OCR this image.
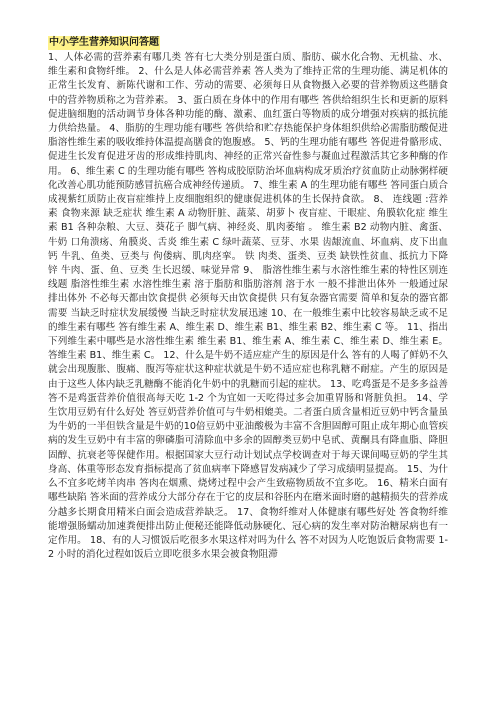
中小学生营养知识问答题

1、人体必需的营养素有哪几类 答有七大类分别是蛋白质、脂肪、碳水化合物、无机盐、水、维生素和食物纤维。 2、什么是人体必需营养素 答人类为了维持正常的生理功能、满足机体的正常生长发育、新陈代谢和工作、劳动的需要、必须每日从食物摄入必要的营养物质这些膳食中的营养物质称之为营养素。 3、蛋白质在身体中的作用有哪些 答供给组织生长和更新的原料促进脑细胞的活动调节身体各种功能的酶、激素、血红蛋白等物质的成分增强对疾病的抵抗能力供给热量。 4、脂肪的生理功能有哪些 答供给和贮存热能保护身体组织供给必需脂肪酸促进脂溶性维生素的吸收维持体温提高膳食的饱腹感。 5、钙的生理功能有哪些 答促进骨骼形成、促进生长发育促进牙齿的形成维持肌肉、神经的正常兴奋性参与凝血过程激活其它多种酶的作用。 6、维生素 C 的生理功能有哪些 答构成胶原防治坏血病构成牙质治疗贫血防止动脉粥样硬化改善心肌功能预防感冒抗癌合成神经传递质。 7、维生素 A 的生理功能有哪些 答同蛋白质合成视紫红质防止夜盲症维持上皮细胞组织的健康促进机体的生长保持食欲。 8、 连线题 :营养素 食物来源 缺乏症状 维生素 A 动物肝脏、蔬菜、胡萝卜 夜盲症、干眼症、角膜软化症 维生素 B1 各种杂粮、大豆、葵花子 脚气病、神经炎、肌肉萎缩 。 维生素 B2 动物内脏、禽蛋、牛奶 口角溃疡、角膜炎、舌炎 维生素 C 绿叶蔬菜、豆芽、水果 齿龈流血、坏血病、皮下出血 钙 牛乳、鱼类、豆类与 佝偻病、肌肉痉挛。 铁 肉类、蛋类、豆类 缺铁性贫血、抵抗力下降 锌 牛肉、蛋、鱼、豆类 生长迟缓、味觉异常 9、 脂溶性维生素与水溶性维生素的特性区别连线题 脂溶性维生素 水溶性维生素 溶于脂肪和脂肪溶剂 溶于水 一般不排泄出体外 一般通过尿排出体外 不必每天都由饮食提供 必须每天由饮食提供 只有复杂器官需要 简单和复杂的器官都需要 当缺乏时症状发展缓慢 当缺乏时症状发展迅速 10、在一般维生素中比较容易缺乏或不足的维生素有哪些 答有维生素 A、维生素 D、维生素 B1、维生素 B2、维生素 C 等。 11、指出下列维生素中哪些是水溶性维生素 维生素 B1、维生素 A、维生素 C、维生素 D、维生素 E。 答维生素 B1、维生素 C。 12、什么是牛奶不适应症产生的原因是什么 答有的人喝了鲜奶不久就会出现腹胀、腹痛、腹泻等症状这种症状就是牛奶不适应症也称乳糖不耐症。产生的原因是由于这些人体内缺乏乳糖酶不能消化牛奶中的乳糖而引起的症状。 13、吃鸡蛋是不是多多益善 答不是鸡蛋营养价值很高每天吃 1-2 个为宜如一天吃得过多会加重胃肠和肾脏负担。 14、学生饮用豆奶有什么好处 答豆奶营养价值可与牛奶相媲美。二者蛋白质含量相近豆奶中钙含量虽为牛奶的一半但铁含量是牛奶的10倍豆奶中亚油酸极为丰富不含胆固醇可阻止成年期心血管疾病的发生豆奶中有丰富的卵磷脂可清除血中多余的固醇类豆奶中皂甙、黄酮具有降血脂、降胆固醇、抗衰老等保健作用。根据国家大豆行动计划试点学校调查对于每天课间喝豆奶的学生其身高、体重等形态发育指标提高了贫血病率下降感冒发病减少了学习成绩明显提高。 15、为什么不宜多吃烤羊肉串 答肉在烟熏、烧烤过程中会产生致癌物质故不宜多吃。 16、精米白面有哪些缺陷 答米面的营养成分大部分存在于它的皮层和谷胚内在磨米面时磨的越精损失的营养成分越多长期食用精米白面会造成营养缺乏。 17、食物纤维对人体健康有哪些好处 答食物纤维能增强肠蠕动加速粪便排出防止便秘还能降低动脉硬化、冠心病的发生率对防治糖尿病也有一定作用。 18、有的人习惯饭后吃很多水果这样对吗为什么 答不对因为人吃饱饭后食物需要 1-2 小时的消化过程如饭后立即吃很多水果会被食物阻滞
